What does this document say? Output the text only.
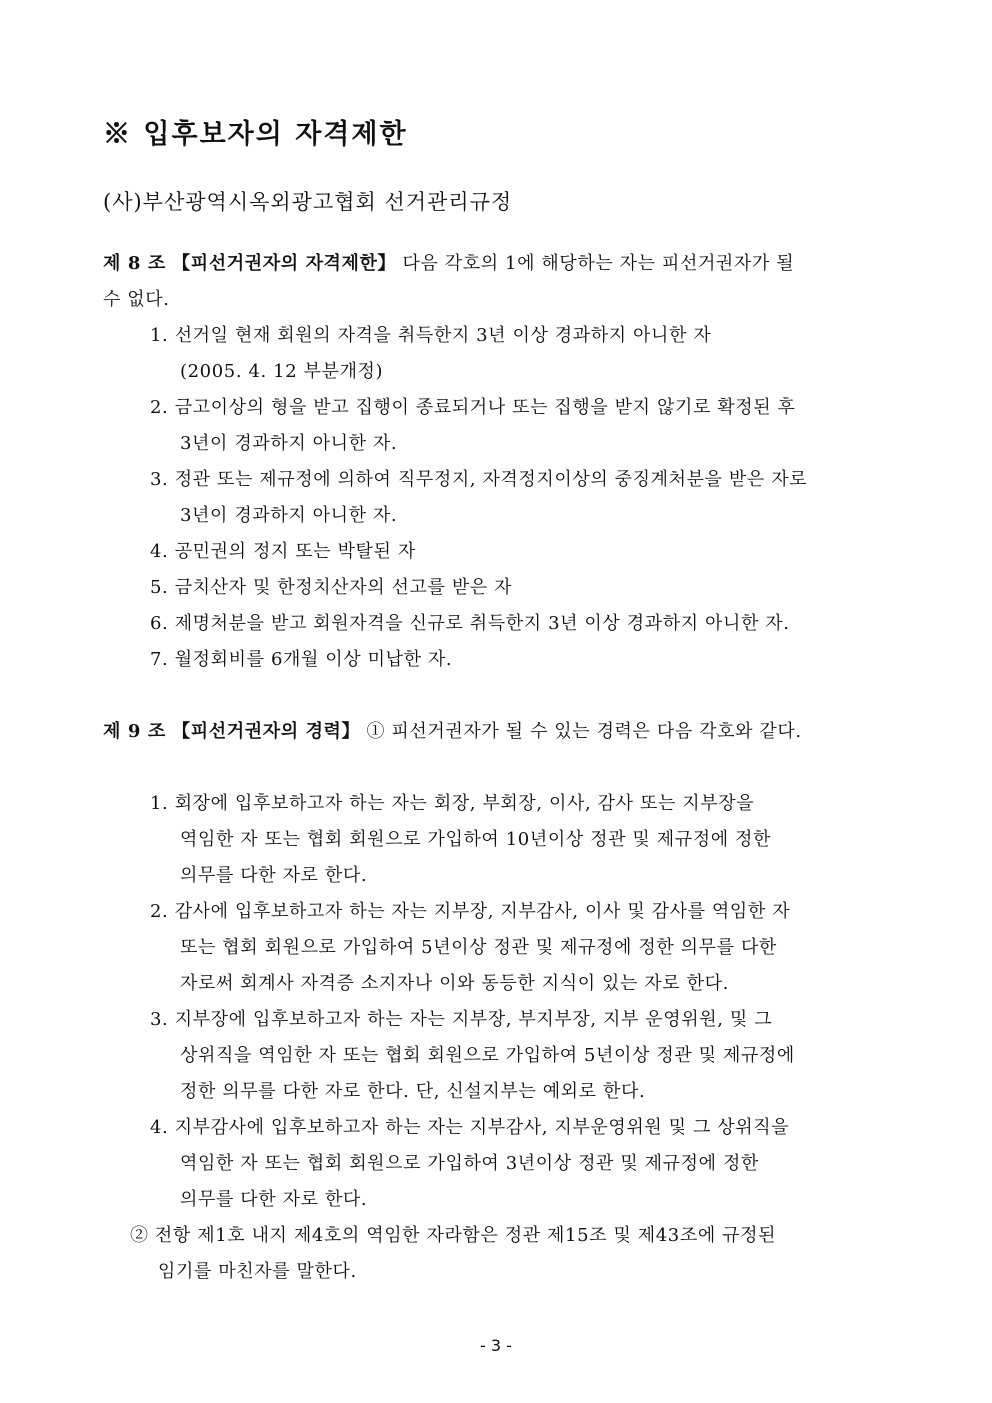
※ 입후보자의 자격제한
(사)부산광역시옥외광고협회 선거관리규정
제 8 조 【피선거권자의 자격제한】 다음 각호의 1에 해당하는 자는 피선거권자가 될
수 없다.
1. 선거일 현재 회원의 자격을 취득한지 3년 이상 경과하지 아니한 자
(2005. 4. 12 부분개정)
2. 금고이상의 형을 받고 집행이 종료되거나 또는 집행을 받지 않기로 확정된 후
3년이 경과하지 아니한 자.
3. 정관 또는 제규정에 의하여 직무정지, 자격정지이상의 중징계처분을 받은 자로
3년이 경과하지 아니한 자.
4. 공민권의 정지 또는 박탈된 자
5. 금치산자 및 한정치산자의 선고를 받은 자
6. 제명처분을 받고 회원자격을 신규로 취득한지 3년 이상 경과하지 아니한 자.
7. 월정회비를 6개월 이상 미납한 자.
제 9 조 【피선거권자의 경력】 ① 피선거권자가 될 수 있는 경력은 다음 각호와 같다.
1. 회장에 입후보하고자 하는 자는 회장, 부회장, 이사, 감사 또는 지부장을
역임한 자 또는 협회 회원으로 가입하여 10년이상 정관 및 제규정에 정한
의무를 다한 자로 한다.
2. 감사에 입후보하고자 하는 자는 지부장, 지부감사, 이사 및 감사를 역임한 자
또는 협회 회원으로 가입하여 5년이상 정관 및 제규정에 정한 의무를 다한
자로써 회계사 자격증 소지자나 이와 동등한 지식이 있는 자로 한다.
3. 지부장에 입후보하고자 하는 자는 지부장, 부지부장, 지부 운영위원, 및 그
상위직을 역임한 자 또는 협회 회원으로 가입하여 5년이상 정관 및 제규정에
정한 의무를 다한 자로 한다. 단, 신설지부는 예외로 한다.
4. 지부감사에 입후보하고자 하는 자는 지부감사, 지부운영위원 및 그 상위직을
역임한 자 또는 협회 회원으로 가입하여 3년이상 정관 및 제규정에 정한
의무를 다한 자로 한다.
② 전항 제1호 내지 제4호의 역임한 자라함은 정관 제15조 및 제43조에 규정된
임기를 마친자를 말한다.
- 3 -
